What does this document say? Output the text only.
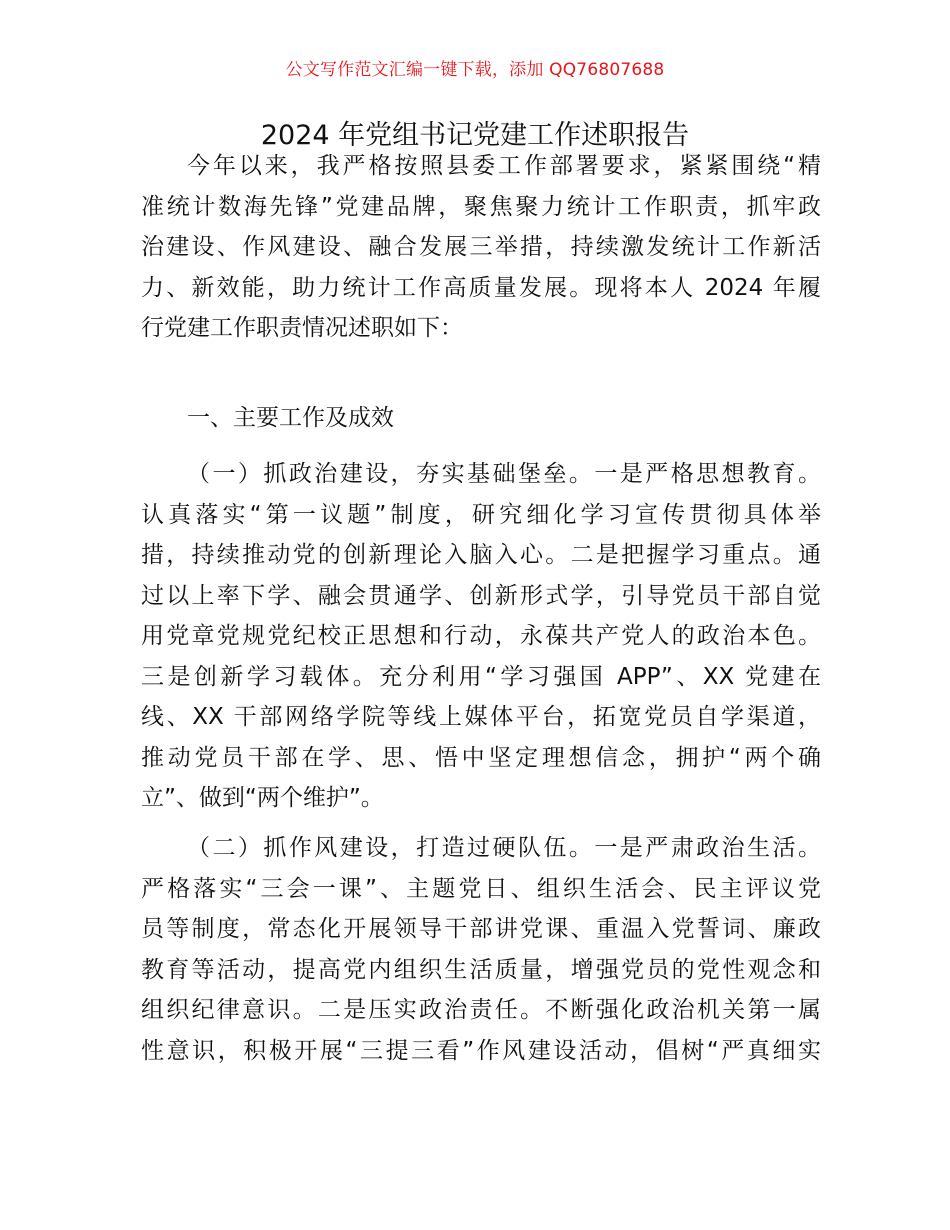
公文写作范文汇编一键下载，添加 QQ76807688
2024 年党组书记党建工作述职报告
今年以来，我严格按照县委工作部署要求，紧紧围绕“精
准统计数海先锋”党建品牌，聚焦聚力统计工作职责，抓牢政
治建设、作风建设、融合发展三举措，持续激发统计工作新活
力、新效能，助力统计工作高质量发展。现将本人 2024 年履
行党建工作职责情况述职如下：
一、主要工作及成效
（一）抓政治建设，夯实基础堡垒。一是严格思想教育。
认真落实“第一议题”制度，研究细化学习宣传贯彻具体举
措，持续推动党的创新理论入脑入心。二是把握学习重点。通
过以上率下学、融会贯通学、创新形式学，引导党员干部自觉
用党章党规党纪校正思想和行动，永葆共产党人的政治本色。
三是创新学习载体。充分利用“学习强国 APP”、XX 党建在
线、XX 干部网络学院等线上媒体平台，拓宽党员自学渠道，
推动党员干部在学、思、悟中坚定理想信念，拥护“两个确
立”、做到“两个维护”。
（二）抓作风建设，打造过硬队伍。一是严肃政治生活。
严格落实“三会一课”、主题党日、组织生活会、民主评议党
员等制度，常态化开展领导干部讲党课、重温入党誓词、廉政
教育等活动，提高党内组织生活质量，增强党员的党性观念和
组织纪律意识。二是压实政治责任。不断强化政治机关第一属
性意识，积极开展“三提三看”作风建设活动，倡树“严真细实
